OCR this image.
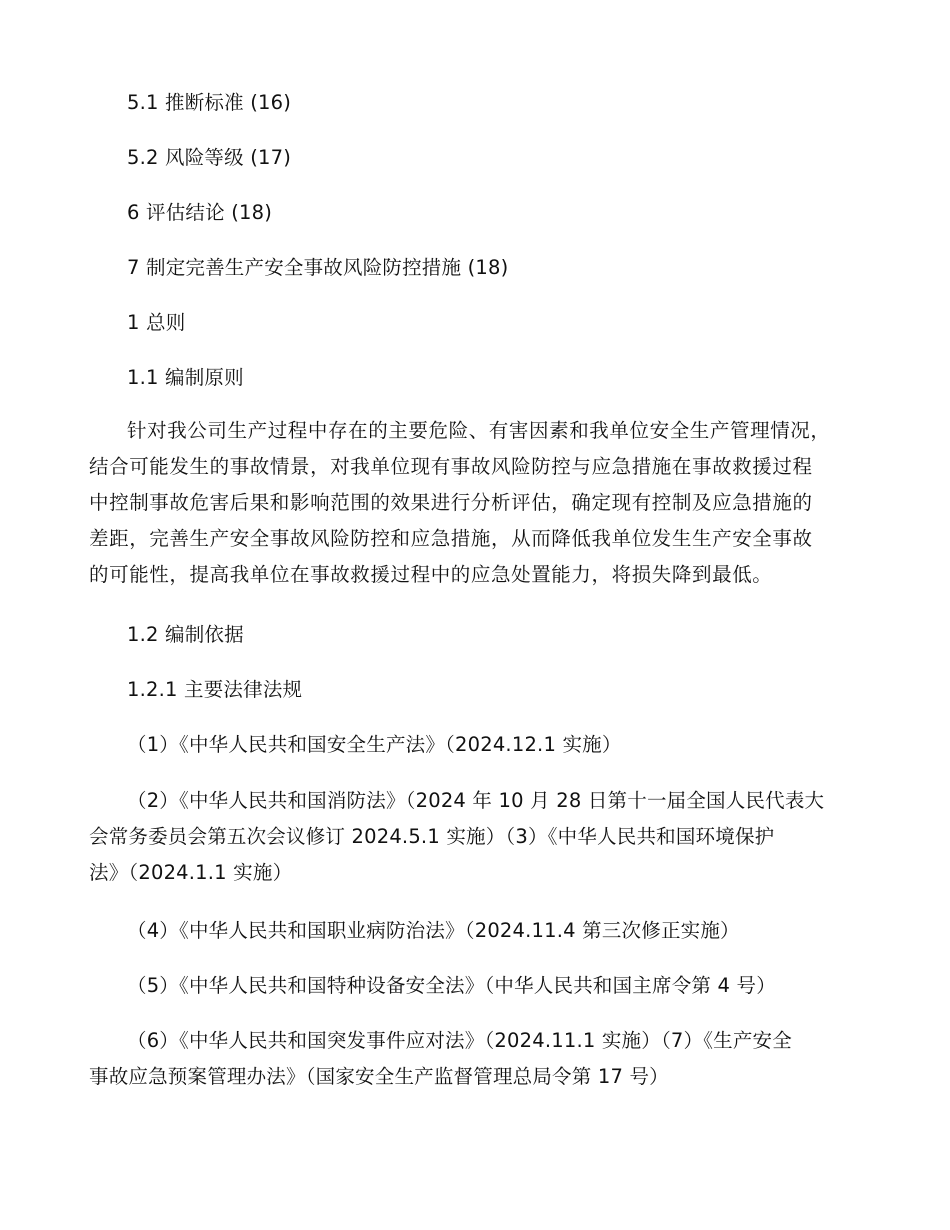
5.1 推断标准 (16)
5.2 风险等级 (17)
6 评估结论 (18)
7 制定完善生产安全事故风险防控措施 (18)
1 总则
1.1 编制原则
针对我公司生产过程中存在的主要危险、有害因素和我单位安全生产管理情况，
结合可能发生的事故情景，对我单位现有事故风险防控与应急措施在事故救援过程
中控制事故危害后果和影响范围的效果进行分析评估，确定现有控制及应急措施的
差距，完善生产安全事故风险防控和应急措施，从而降低我单位发生生产安全事故
的可能性，提高我单位在事故救援过程中的应急处置能力，将损失降到最低。
1.2 编制依据
1.2.1 主要法律法规
（1）《中华人民共和国安全生产法》（2024.12.1 实施）
（2）《中华人民共和国消防法》（2024 年 10 月 28 日第十一届全国人民代表大
会常务委员会第五次会议修订 2024.5.1 实施）（3）《中华人民共和国环境保护
法》（2024.1.1 实施）
（4）《中华人民共和国职业病防治法》（2024.11.4 第三次修正实施）
（5）《中华人民共和国特种设备安全法》（中华人民共和国主席令第 4 号）
（6）《中华人民共和国突发事件应对法》（2024.11.1 实施）（7）《生产安全
事故应急预案管理办法》（国家安全生产监督管理总局令第 17 号）
